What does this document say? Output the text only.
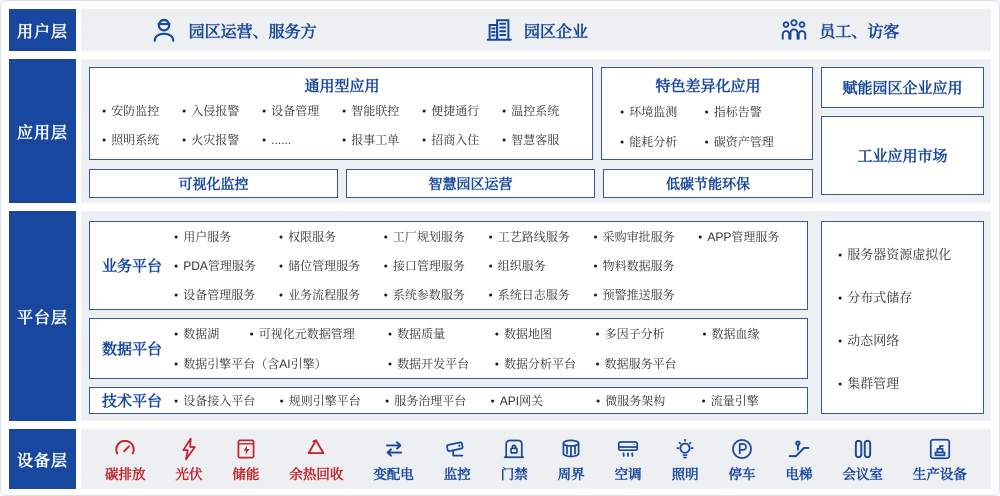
用户层	园区运营、服务方	园区企业	员工、访客
应用层
通用型应用
● 安防监控	● 入侵报警	● 设备管理	● 智能联控	● 便捷通行	● 温控系统
● 照明系统	● 火灾报警	● ......	● 报事工单	● 招商入住	● 智慧客服
特色差异化应用
● 环境监测	● 指标告警
● 能耗分析	● 碳资产管理
赋能园区企业应用
工业应用市场
可视化监控	智慧园区运营	低碳节能环保
平台层
业务平台
● 用户服务	● 权限服务	● 工厂规划服务	● 工艺路线服务	● 采购审批服务	● APP管理服务
● PDA管理服务	● 储位管理服务	● 接口管理服务	● 组织服务	● 物料数据服务
● 设备管理服务	● 业务流程服务	● 系统参数服务	● 系统日志服务	● 预警推送服务
数据平台
● 数据湖	● 可视化元数据管理	● 数据质量	● 数据地图	● 多因子分析	● 数据血缘
● 数据引擎平台（含AI引擎）	● 数据开发平台	● 数据分析平台	● 数据服务平台
技术平台	● 设备接入平台	● 规则引擎平台	● 服务治理平台	● API网关	● 微服务架构	● 流量引擎
● 服务器资源虚拟化
● 分布式储存
● 动态网络
● 集群管理
设备层
碳排放 光伏 储能 余热回收 变配电 监控 门禁 周界 空调 照明 停车 电梯 会议室 生产设备
